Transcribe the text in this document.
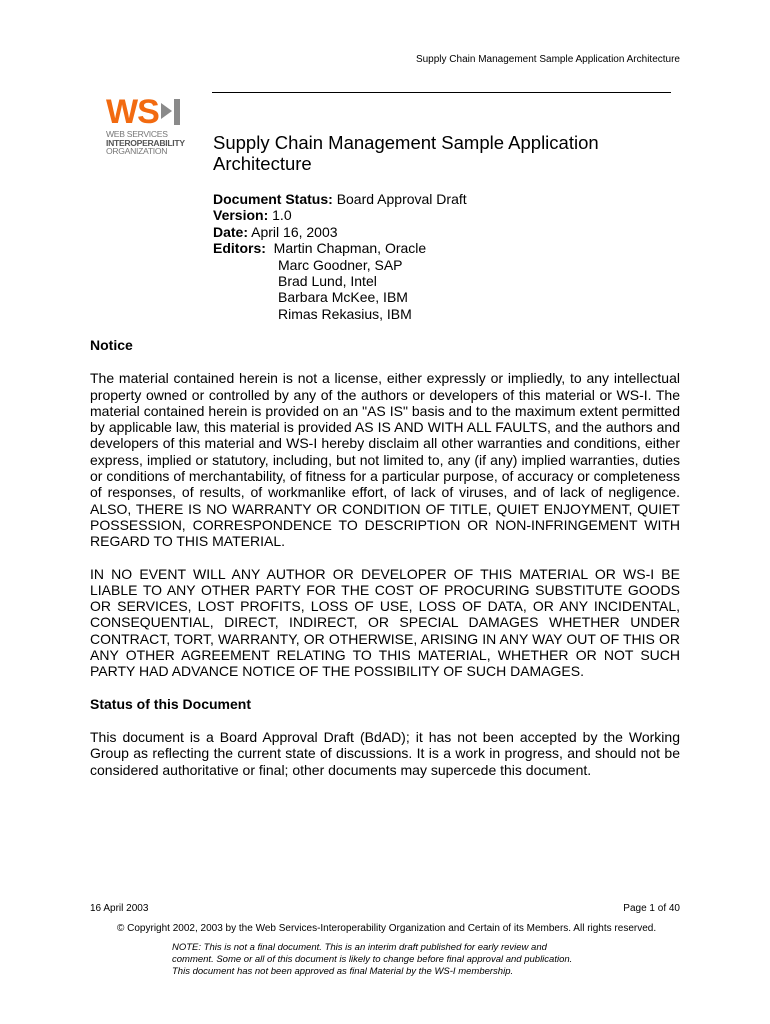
Supply Chain Management Sample Application Architecture
WS
WEB SERVICES
INTEROPERABILITY
ORGANIZATION	Supply Chain Management Sample Application Architecture
Document Status: Board Approval Draft
Version: 1.0
Date: April 16, 2003
Editors: Martin Chapman, Oracle
Marc Goodner, SAP
Brad Lund, Intel
Barbara McKee, IBM
Rimas Rekasius, IBM
Notice

The material contained herein is not a license, either expressly or impliedly, to any intellectual property owned or controlled by any of the authors or developers of this material or WS-I. The material contained herein is provided on an "AS IS" basis and to the maximum extent permitted by applicable law, this material is provided AS IS AND WITH ALL FAULTS, and the authors and developers of this material and WS-I hereby disclaim all other warranties and conditions, either express, implied or statutory, including, but not limited to, any (if any) implied warranties, duties or conditions of merchantability, of fitness for a particular purpose, of accuracy or completeness of responses, of results, of workmanlike effort, of lack of viruses, and of lack of negligence. ALSO, THERE IS NO WARRANTY OR CONDITION OF TITLE, QUIET ENJOYMENT, QUIET POSSESSION, CORRESPONDENCE TO DESCRIPTION OR NON-INFRINGEMENT WITH REGARD TO THIS MATERIAL.

IN NO EVENT WILL ANY AUTHOR OR DEVELOPER OF THIS MATERIAL OR WS-I BE LIABLE TO ANY OTHER PARTY FOR THE COST OF PROCURING SUBSTITUTE GOODS OR SERVICES, LOST PROFITS, LOSS OF USE, LOSS OF DATA, OR ANY INCIDENTAL, CONSEQUENTIAL, DIRECT, INDIRECT, OR SPECIAL DAMAGES WHETHER UNDER CONTRACT, TORT, WARRANTY, OR OTHERWISE, ARISING IN ANY WAY OUT OF THIS OR ANY OTHER AGREEMENT RELATING TO THIS MATERIAL, WHETHER OR NOT SUCH PARTY HAD ADVANCE NOTICE OF THE POSSIBILITY OF SUCH DAMAGES.

Status of this Document

This document is a Board Approval Draft (BdAD); it has not been accepted by the Working Group as reflecting the current state of discussions. It is a work in progress, and should not be considered authoritative or final; other documents may supercede this document.

16 April 2003	Page 1 of 40
© Copyright 2002, 2003 by the Web Services-Interoperability Organization and Certain of its Members. All rights reserved.
NOTE: This is not a final document. This is an interim draft published for early review and
comment. Some or all of this document is likely to change before final approval and publication.
This document has not been approved as final Material by the WS-I membership.
